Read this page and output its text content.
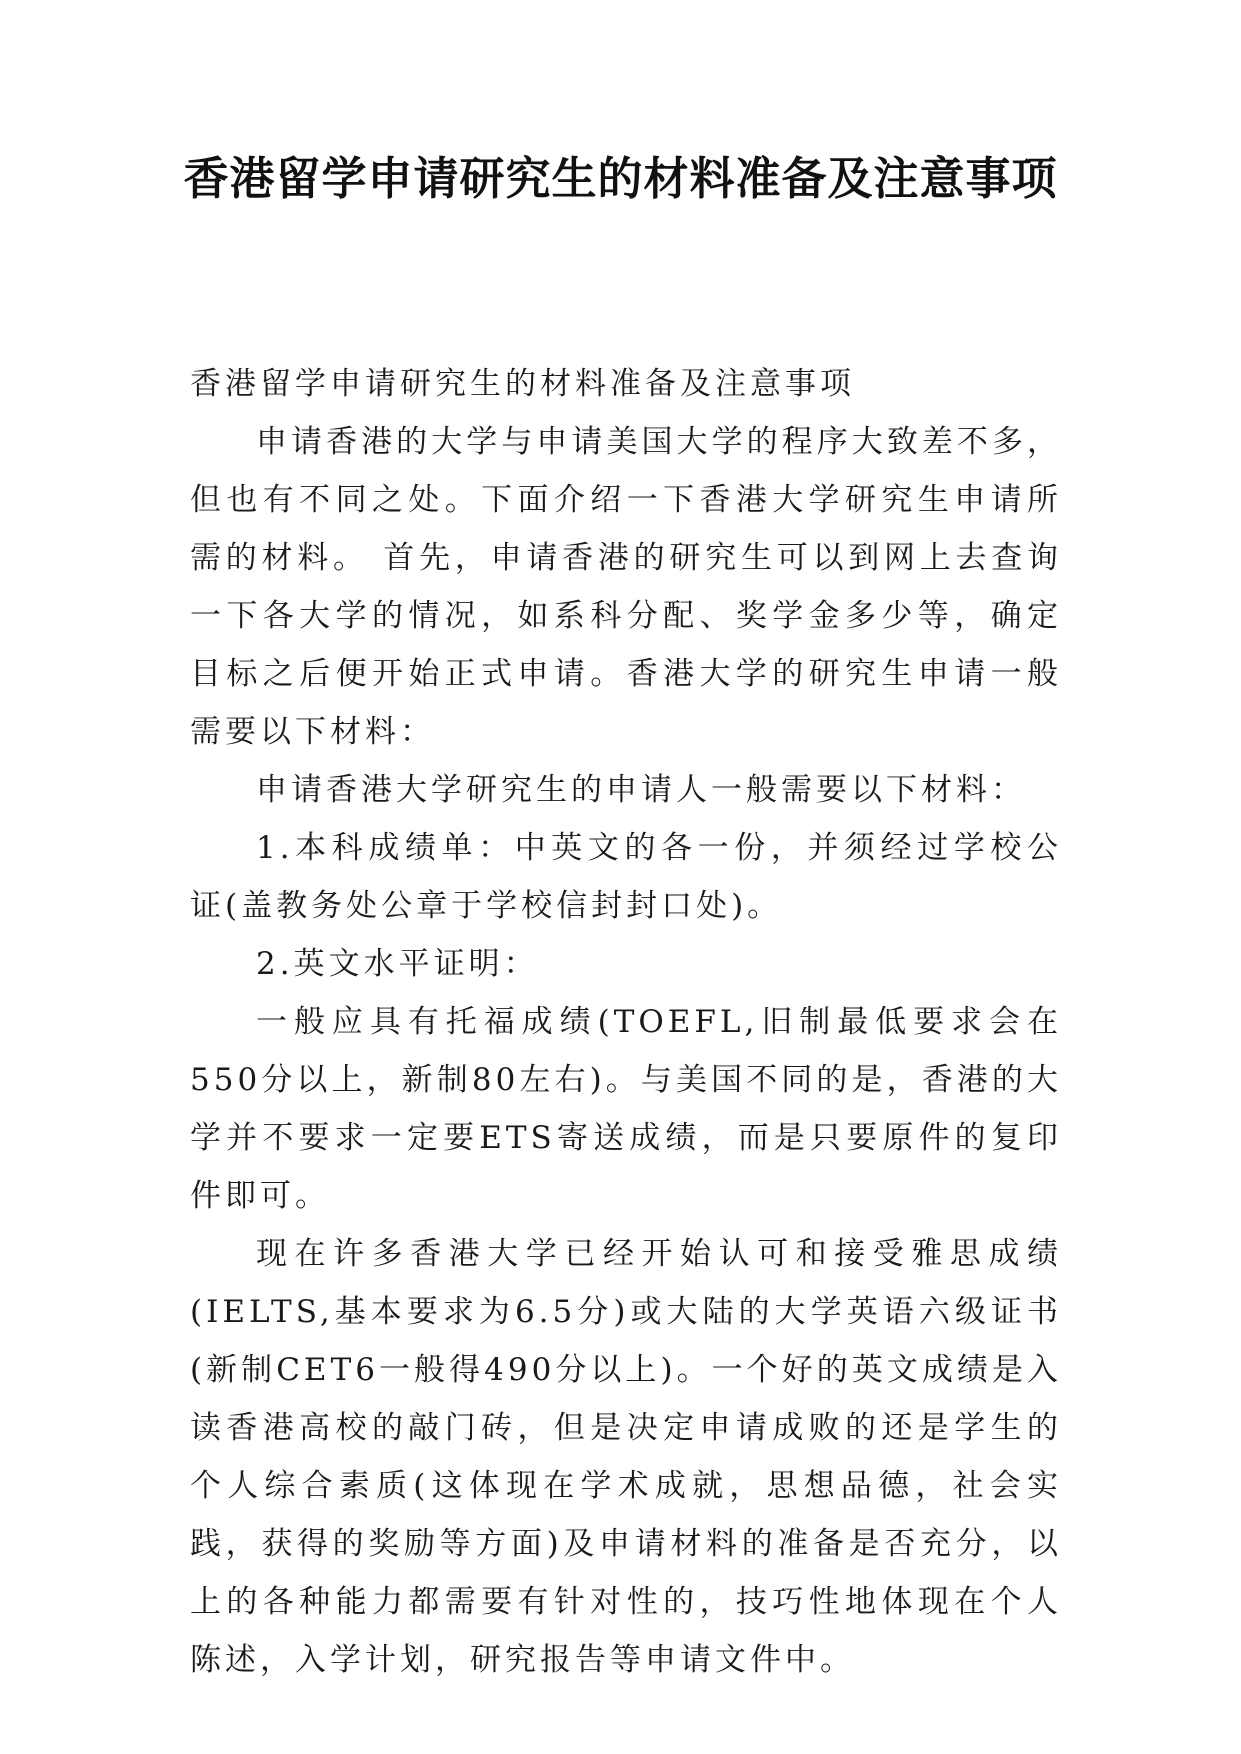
香港留学申请研究生的材料准备及注意事项

香港留学申请研究生的材料准备及注意事项

申请香港的大学与申请美国大学的程序大致差不多，但也有不同之处。下面介绍一下香港大学研究生申请所需的材料。 首先，申请香港的研究生可以到网上去查询一下各大学的情况，如系科分配、奖学金多少等，确定目标之后便开始正式申请。香港大学的研究生申请一般需要以下材料：

申请香港大学研究生的申请人一般需要以下材料：

1.本科成绩单：中英文的各一份，并须经过学校公证(盖教务处公章于学校信封封口处)。

2.英文水平证明：

一般应具有托福成绩(TOEFL,旧制最低要求会在550分以上，新制80左右)。与美国不同的是，香港的大学并不要求一定要ETS寄送成绩，而是只要原件的复印件即可。

现在许多香港大学已经开始认可和接受雅思成绩(IELTS,基本要求为6.5分)或大陆的大学英语六级证书(新制CET6一般得490分以上)。一个好的英文成绩是入读香港高校的敲门砖，但是决定申请成败的还是学生的个人综合素质(这体现在学术成就，思想品德，社会实践，获得的奖励等方面)及申请材料的准备是否充分，以上的各种能力都需要有针对性的，技巧性地体现在个人陈述，入学计划，研究报告等申请文件中。
